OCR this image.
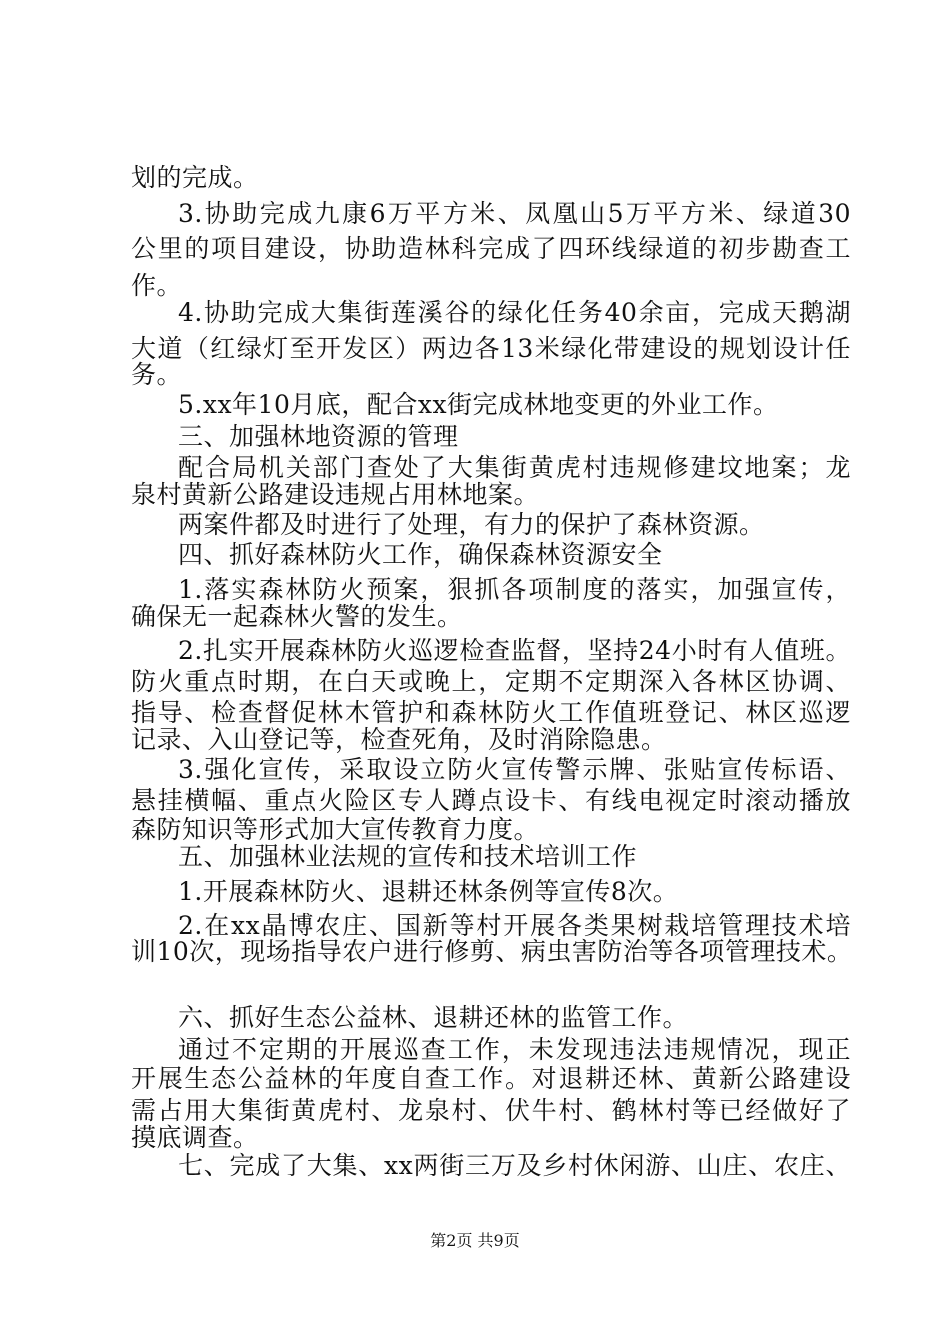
划的完成。
3.协助完成九康6万平方米、凤凰山5万平方米、绿道30
公里的项目建设，协助造林科完成了四环线绿道的初步勘查工
作。
4.协助完成大集街莲溪谷的绿化任务40余亩，完成天鹅湖
大道（红绿灯至开发区）两边各13米绿化带建设的规划设计任
务。
5.xx年10月底，配合xx街完成林地变更的外业工作。
三、加强林地资源的管理
配合局机关部门查处了大集街黄虎村违规修建坟地案；龙
泉村黄新公路建设违规占用林地案。
两案件都及时进行了处理，有力的保护了森林资源。
四、抓好森林防火工作，确保森林资源安全
1.落实森林防火预案，狠抓各项制度的落实，加强宣传，
确保无一起森林火警的发生。
2.扎实开展森林防火巡逻检查监督，坚持24小时有人值班。
防火重点时期，在白天或晚上，定期不定期深入各林区协调、
指导、检查督促林木管护和森林防火工作值班登记、林区巡逻
记录、入山登记等，检查死角，及时消除隐患。
3.强化宣传，采取设立防火宣传警示牌、张贴宣传标语、
悬挂横幅、重点火险区专人蹲点设卡、有线电视定时滚动播放
森防知识等形式加大宣传教育力度。
五、加强林业法规的宣传和技术培训工作
1.开展森林防火、退耕还林条例等宣传8次。
2.在xx晶博农庄、国新等村开展各类果树栽培管理技术培
训10次，现场指导农户进行修剪、病虫害防治等各项管理技术。
六、抓好生态公益林、退耕还林的监管工作。
通过不定期的开展巡查工作，未发现违法违规情况，现正
开展生态公益林的年度自查工作。对退耕还林、黄新公路建设
需占用大集街黄虎村、龙泉村、伏牛村、鹤林村等已经做好了
摸底调查。
七、完成了大集、xx两街三万及乡村休闲游、山庄、农庄、
第2页 共9页
